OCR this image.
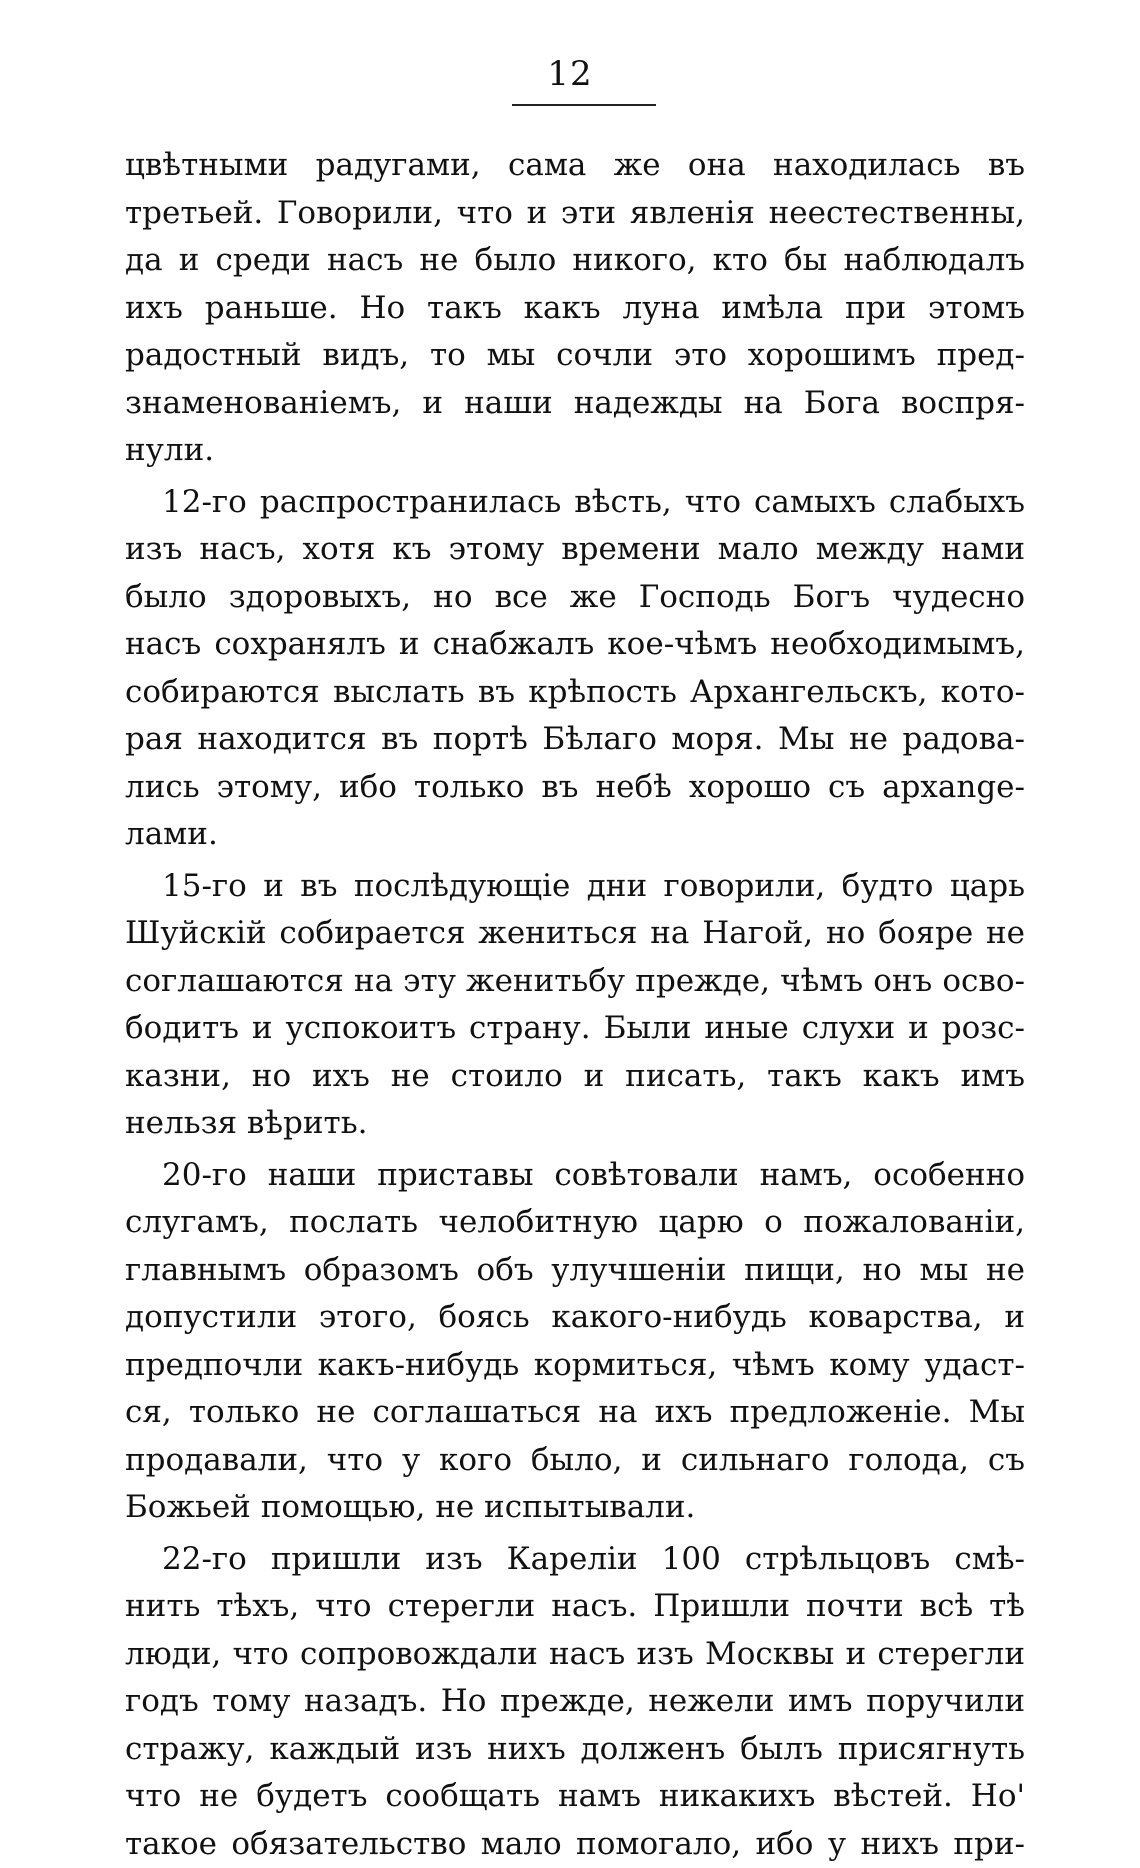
12
цвѣтными радугами, сама же она находилась въ
третьей. Говорили, что и эти явленія неестественны,
да и среди насъ не было никого, кто бы наблюдалъ
ихъ раньше. Но такъ какъ луна имѣла при этомъ
радостный видъ, то мы сочли это хорошимъ пред-
знаменованіемъ, и наши надежды на Бога воспря-
нули.
12-го распространилась вѣсть, что самыхъ слабыхъ
изъ насъ, хотя къ этому времени мало между нами
было здоровыхъ, но все же Господь Богъ чудесно
насъ сохранялъ и снабжалъ кое-чѣмъ необходимымъ,
собираются выслать въ крѣпость Архангельскъ, кото-
рая находится въ портѣ Бѣлаго моря. Мы не радова-
лись этому, ибо только въ небѣ хорошо съ архange-
лами.
15-го и въ послѣдующіе дни говорили, будто царь
Шуйскій собирается жениться на Нагой, но бояре не
соглашаются на эту женитьбу прежде, чѣмъ онъ осво-
бодитъ и успокоитъ страну. Были иные слухи и розс-
казни, но ихъ не стоило и писать, такъ какъ имъ
нельзя вѣрить.
20-го наши приставы совѣтовали намъ, особенно
слугамъ, послать челобитную царю о пожалованіи,
главнымъ образомъ объ улучшеніи пищи, но мы не
допустили этого, боясь какого-нибудь коварства, и
предпочли какъ-нибудь кормиться, чѣмъ кому удаст-
ся, только не соглашаться на ихъ предложеніе. Мы
продавали, что у кого было, и сильнаго голода, съ
Божьей помощью, не испытывали.
22-го пришли изъ Кареліи 100 стрѣльцовъ смѣ-
нить тѣхъ, что стерегли насъ. Пришли почти всѣ тѣ
люди, что сопровождали насъ изъ Москвы и стерегли
годъ тому назадъ. Но прежде, нежели имъ поручили
стражу, каждый изъ нихъ долженъ былъ присягнуть
что не будетъ сообщать намъ никакихъ вѣстей. Но'
такое обязательство мало помогало, ибо у нихъ при-
